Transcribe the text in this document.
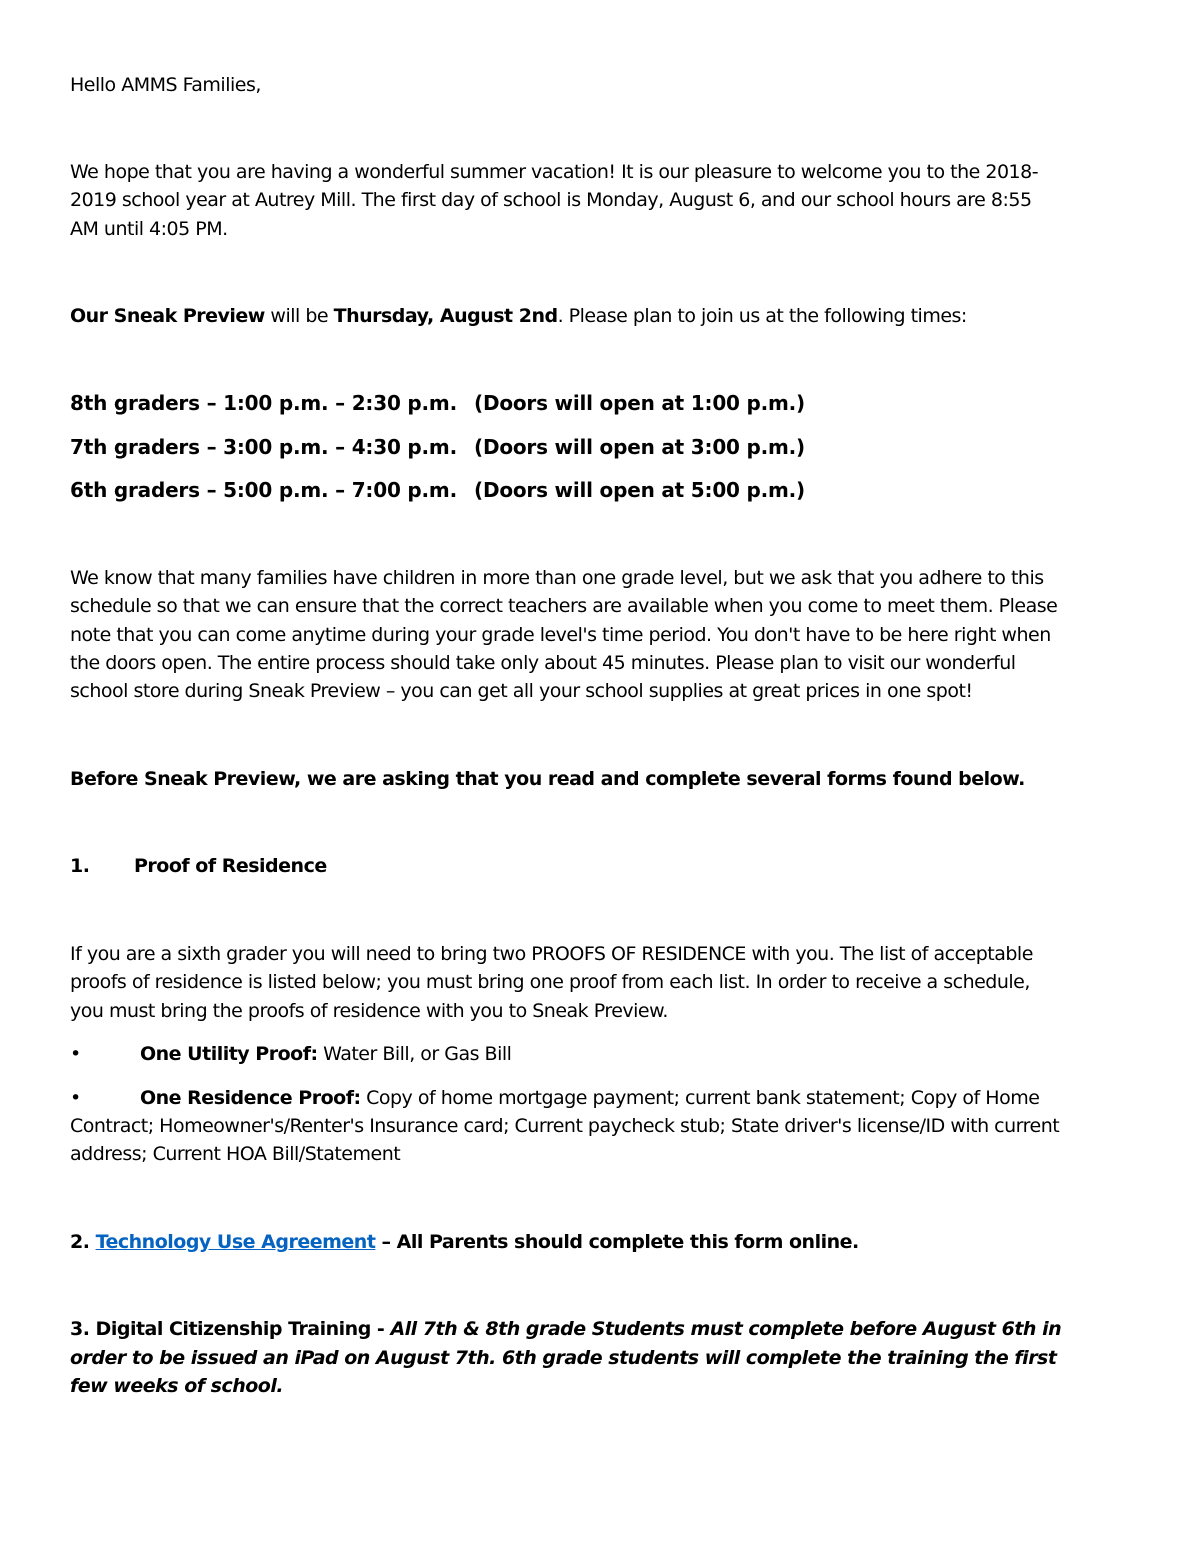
Hello AMMS Families,
We hope that you are having a wonderful summer vacation! It is our pleasure to welcome you to the 2018-
2019 school year at Autrey Mill. The first day of school is Monday, August 6, and our school hours are 8:55
AM until 4:05 PM.
Our Sneak Preview will be Thursday, August 2nd. Please plan to join us at the following times:
8th graders – 1:00 p.m. – 2:30 p.m. (Doors will open at 1:00 p.m.)
7th graders – 3:00 p.m. – 4:30 p.m. (Doors will open at 3:00 p.m.)
6th graders – 5:00 p.m. – 7:00 p.m. (Doors will open at 5:00 p.m.)
We know that many families have children in more than one grade level, but we ask that you adhere to this
schedule so that we can ensure that the correct teachers are available when you come to meet them. Please
note that you can come anytime during your grade level's time period. You don't have to be here right when
the doors open. The entire process should take only about 45 minutes. Please plan to visit our wonderful
school store during Sneak Preview – you can get all your school supplies at great prices in one spot!
Before Sneak Preview, we are asking that you read and complete several forms found below.
1. Proof of Residence
If you are a sixth grader you will need to bring two PROOFS OF RESIDENCE with you. The list of acceptable
proofs of residence is listed below; you must bring one proof from each list. In order to receive a schedule,
you must bring the proofs of residence with you to Sneak Preview.
•	One Utility Proof: Water Bill, or Gas Bill
•	One Residence Proof: Copy of home mortgage payment; current bank statement; Copy of Home
Contract; Homeowner's/Renter's Insurance card; Current paycheck stub; State driver's license/ID with current
address; Current HOA Bill/Statement
2. Technology Use Agreement – All Parents should complete this form online.
3. Digital Citizenship Training - All 7th & 8th grade Students must complete before August 6th in
order to be issued an iPad on August 7th. 6th grade students will complete the training the first
few weeks of school.
